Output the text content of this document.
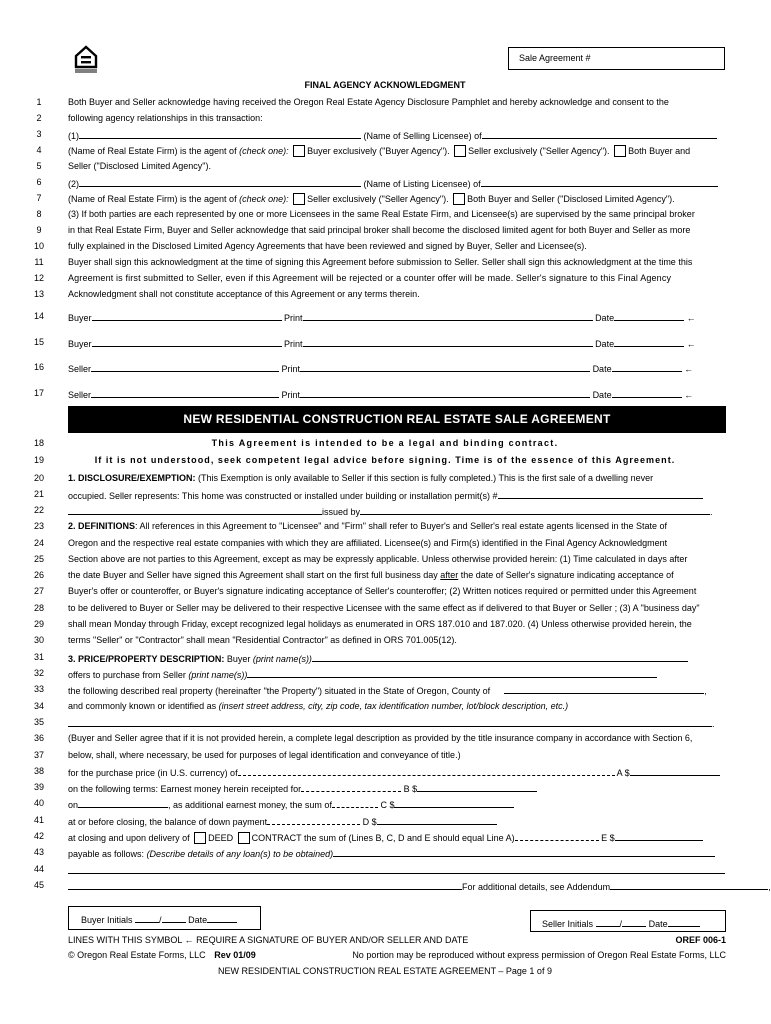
Sale Agreement #
FINAL AGENCY ACKNOWLEDGMENT
1
2
3
4
5
6
7
8
9
10
11
12
13
18
19
20
21
22
23
24
25
26
27
28
29
30
31
32
33
34
35
36
37
38
39
40
41
42
43
44
45
Both Buyer and Seller acknowledge having received the Oregon Real Estate Agency Disclosure Pamphlet and hereby acknowledge and consent to the
following agency relationships in this transaction:
(1)	(Name of Selling Licensee) of
(Name of Real Estate Firm) is the agent of (check one): Buyer exclusively ("Buyer Agency"). Seller exclusively ("Seller Agency"). Both Buyer and
Seller ("Disclosed Limited Agency").
(2)	(Name of Listing Licensee) of
(Name of Real Estate Firm) is the agent of (check one): Seller exclusively ("Seller Agency"). Both Buyer and Seller ("Disclosed Limited Agency").
(3) If both parties are each represented by one or more Licensees in the same Real Estate Firm, and Licensee(s) are supervised by the same principal broker
in that Real Estate Firm, Buyer and Seller acknowledge that said principal broker shall become the disclosed limited agent for both Buyer and Seller as more
fully explained in the Disclosed Limited Agency Agreements that have been reviewed and signed by Buyer, Seller and Licensee(s).
Buyer shall sign this acknowledgment at the time of signing this Agreement before submission to Seller. Seller shall sign this acknowledgment at the time this
Agreement is first submitted to Seller, even if this Agreement will be rejected or a counter offer will be made. Seller's signature to this Final Agency
Acknowledgment shall not constitute acceptance of this Agreement or any terms therein.
14	Buyer	Print	Date	←
15	Buyer	Print	Date	←
16	Seller	Print	Date	←
17	Seller	Print	Date	←
NEW RESIDENTIAL CONSTRUCTION REAL ESTATE SALE AGREEMENT
This Agreement is intended to be a legal and binding contract.
If it is not understood, seek competent legal advice before signing. Time is of the essence of this Agreement.
1. DISCLOSURE/EXEMPTION: (This Exemption is only available to Seller if this section is fully completed.) This is the first sale of a dwelling never
occupied. Seller represents: This home was constructed or installed under building or installation permit(s) #
issued by	.
2. DEFINITIONS: All references in this Agreement to "Licensee" and "Firm" shall refer to Buyer's and Seller's real estate agents licensed in the State of
Oregon and the respective real estate companies with which they are affiliated. Licensee(s) and Firm(s) identified in the Final Agency Acknowledgment
Section above are not parties to this Agreement, except as may be expressly applicable. Unless otherwise provided herein: (1) Time calculated in days after
the date Buyer and Seller have signed this Agreement shall start on the first full business day after the date of Seller's signature indicating acceptance of
Buyer's offer or counteroffer, or Buyer's signature indicating acceptance of Seller's counteroffer; (2) Written notices required or permitted under this Agreement
to be delivered to Buyer or Seller may be delivered to their respective Licensee with the same effect as if delivered to that Buyer or Seller ; (3) A "business day"
shall mean Monday through Friday, except recognized legal holidays as enumerated in ORS 187.010 and 187.020. (4) Unless otherwise provided herein, the
terms "Seller" or "Contractor" shall mean "Residential Contractor" as defined in ORS 701.005(12).
3. PRICE/PROPERTY DESCRIPTION: Buyer (print name(s))
offers to purchase from Seller (print name(s))
the following described real property (hereinafter "the Property") situated in the State of Oregon, County of	,
and commonly known or identified as (insert street address, city, zip code, tax identification number, lot/block description, etc.)
.
(Buyer and Seller agree that if it is not provided herein, a complete legal description as provided by the title insurance company in accordance with Section 6,
below, shall, where necessary, be used for purposes of legal identification and conveyance of title.)
for the purchase price (in U.S. currency) of	A $
on the following terms: Earnest money herein receipted for	B $
on	, as additional earnest money, the sum of	C $
at or before closing, the balance of down payment	D $
at closing and upon delivery of DEED CONTRACT the sum of (Lines B, C, D and E should equal Line A)	E $
payable as follows: (Describe details of any loan(s) to be obtained)
For additional details, see Addendum	,
Buyer Initials	/	Date	Seller Initials	/	Date
LINES WITH THIS SYMBOL ← REQUIRE A SIGNATURE OF BUYER AND/OR SELLER AND DATE	OREF 006-1
© Oregon Real Estate Forms, LLC Rev 01/09	No portion may be reproduced without express permission of Oregon Real Estate Forms, LLC
NEW RESIDENTIAL CONSTRUCTION REAL ESTATE AGREEMENT – Page 1 of 9
